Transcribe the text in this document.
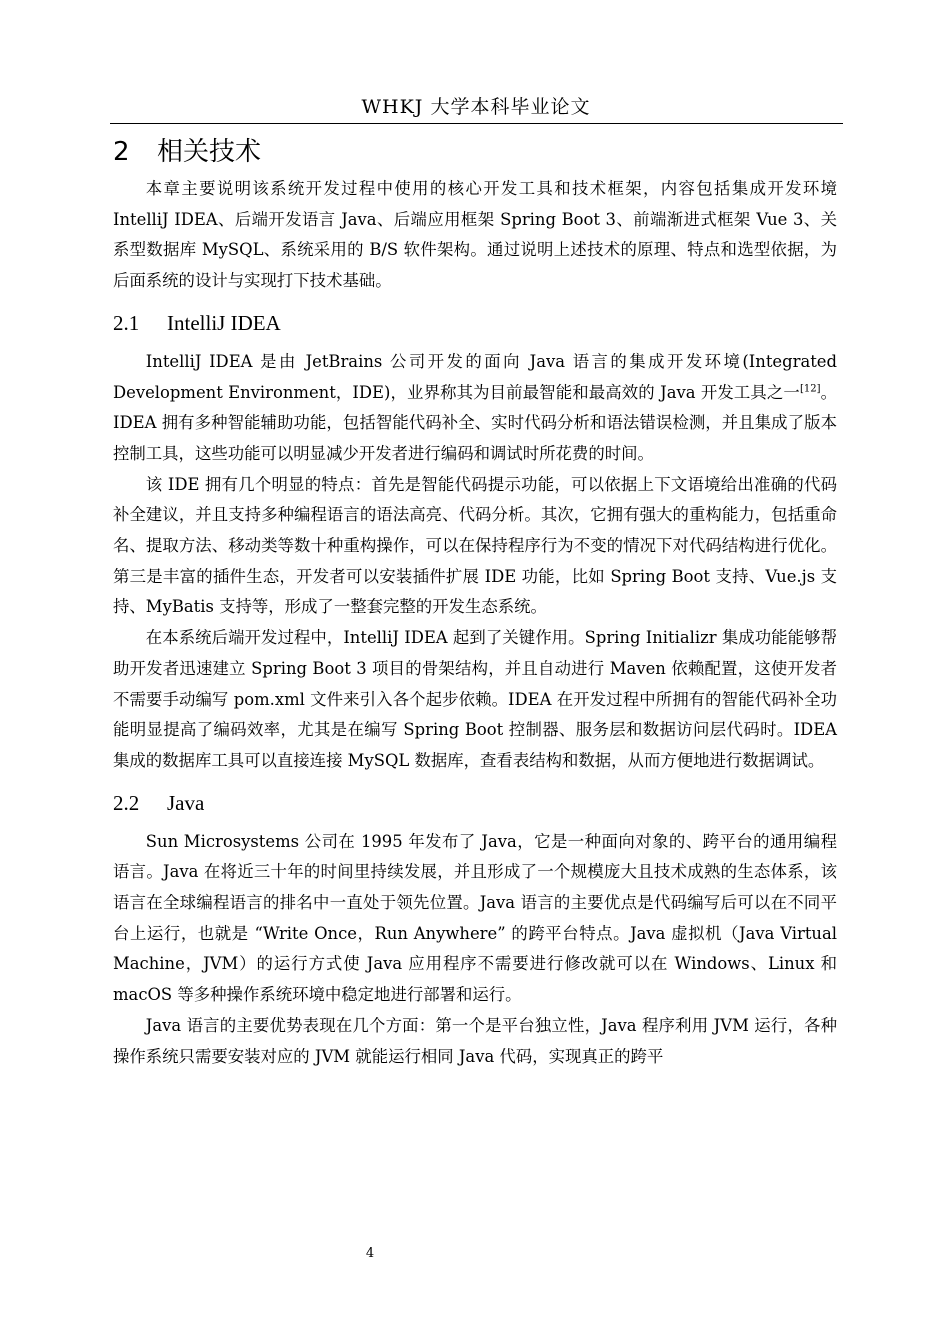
WHKJ 大学本科毕业论文
2 相关技术

本章主要说明该系统开发过程中使用的核心开发工具和技术框架，内容包括集成开发环境 IntelliJ IDEA、后端开发语言 Java、后端应用框架 Spring Boot 3、前端渐进式框架 Vue 3、关系型数据库 MySQL、系统采用的 B/S 软件架构。通过说明上述技术的原理、特点和选型依据，为后面系统的设计与实现打下技术基础。

2.1 IntelliJ IDEA

IntelliJ IDEA 是由 JetBrains 公司开发的面向 Java 语言的集成开发环境(Integrated Development Environment，IDE)，业界称其为目前最智能和最高效的 Java 开发工具之一[12]。IDEA 拥有多种智能辅助功能，包括智能代码补全、实时代码分析和语法错误检测，并且集成了版本控制工具，这些功能可以明显减少开发者进行编码和调试时所花费的时间。

该 IDE 拥有几个明显的特点：首先是智能代码提示功能，可以依据上下文语境给出准确的代码补全建议，并且支持多种编程语言的语法高亮、代码分析。其次，它拥有强大的重构能力，包括重命名、提取方法、移动类等数十种重构操作，可以在保持程序行为不变的情况下对代码结构进行优化。第三是丰富的插件生态，开发者可以安装插件扩展 IDE 功能，比如 Spring Boot 支持、Vue.js 支持、MyBatis 支持等，形成了一整套完整的开发生态系统。

在本系统后端开发过程中，IntelliJ IDEA 起到了关键作用。Spring Initializr 集成功能能够帮助开发者迅速建立 Spring Boot 3 项目的骨架结构，并且自动进行 Maven 依赖配置，这使开发者不需要手动编写 pom.xml 文件来引入各个起步依赖。IDEA 在开发过程中所拥有的智能代码补全功能明显提高了编码效率，尤其是在编写 Spring Boot 控制器、服务层和数据访问层代码时。IDEA 集成的数据库工具可以直接连接 MySQL 数据库，查看表结构和数据，从而方便地进行数据调试。

2.2 Java

Sun Microsystems 公司在 1995 年发布了 Java，它是一种面向对象的、跨平台的通用编程语言。Java 在将近三十年的时间里持续发展，并且形成了一个规模庞大且技术成熟的生态体系，该语言在全球编程语言的排名中一直处于领先位置。Java 语言的主要优点是代码编写后可以在不同平台上运行，也就是 “Write Once，Run Anywhere” 的跨平台特点。Java 虚拟机（Java Virtual Machine，JVM）的运行方式使 Java 应用程序不需要进行修改就可以在 Windows、Linux 和 macOS 等多种操作系统环境中稳定地进行部署和运行。

Java 语言的主要优势表现在几个方面：第一个是平台独立性，Java 程序利用 JVM 运行，各种操作系统只需要安装对应的 JVM 就能运行相同 Java 代码，实现真正的跨平

4
